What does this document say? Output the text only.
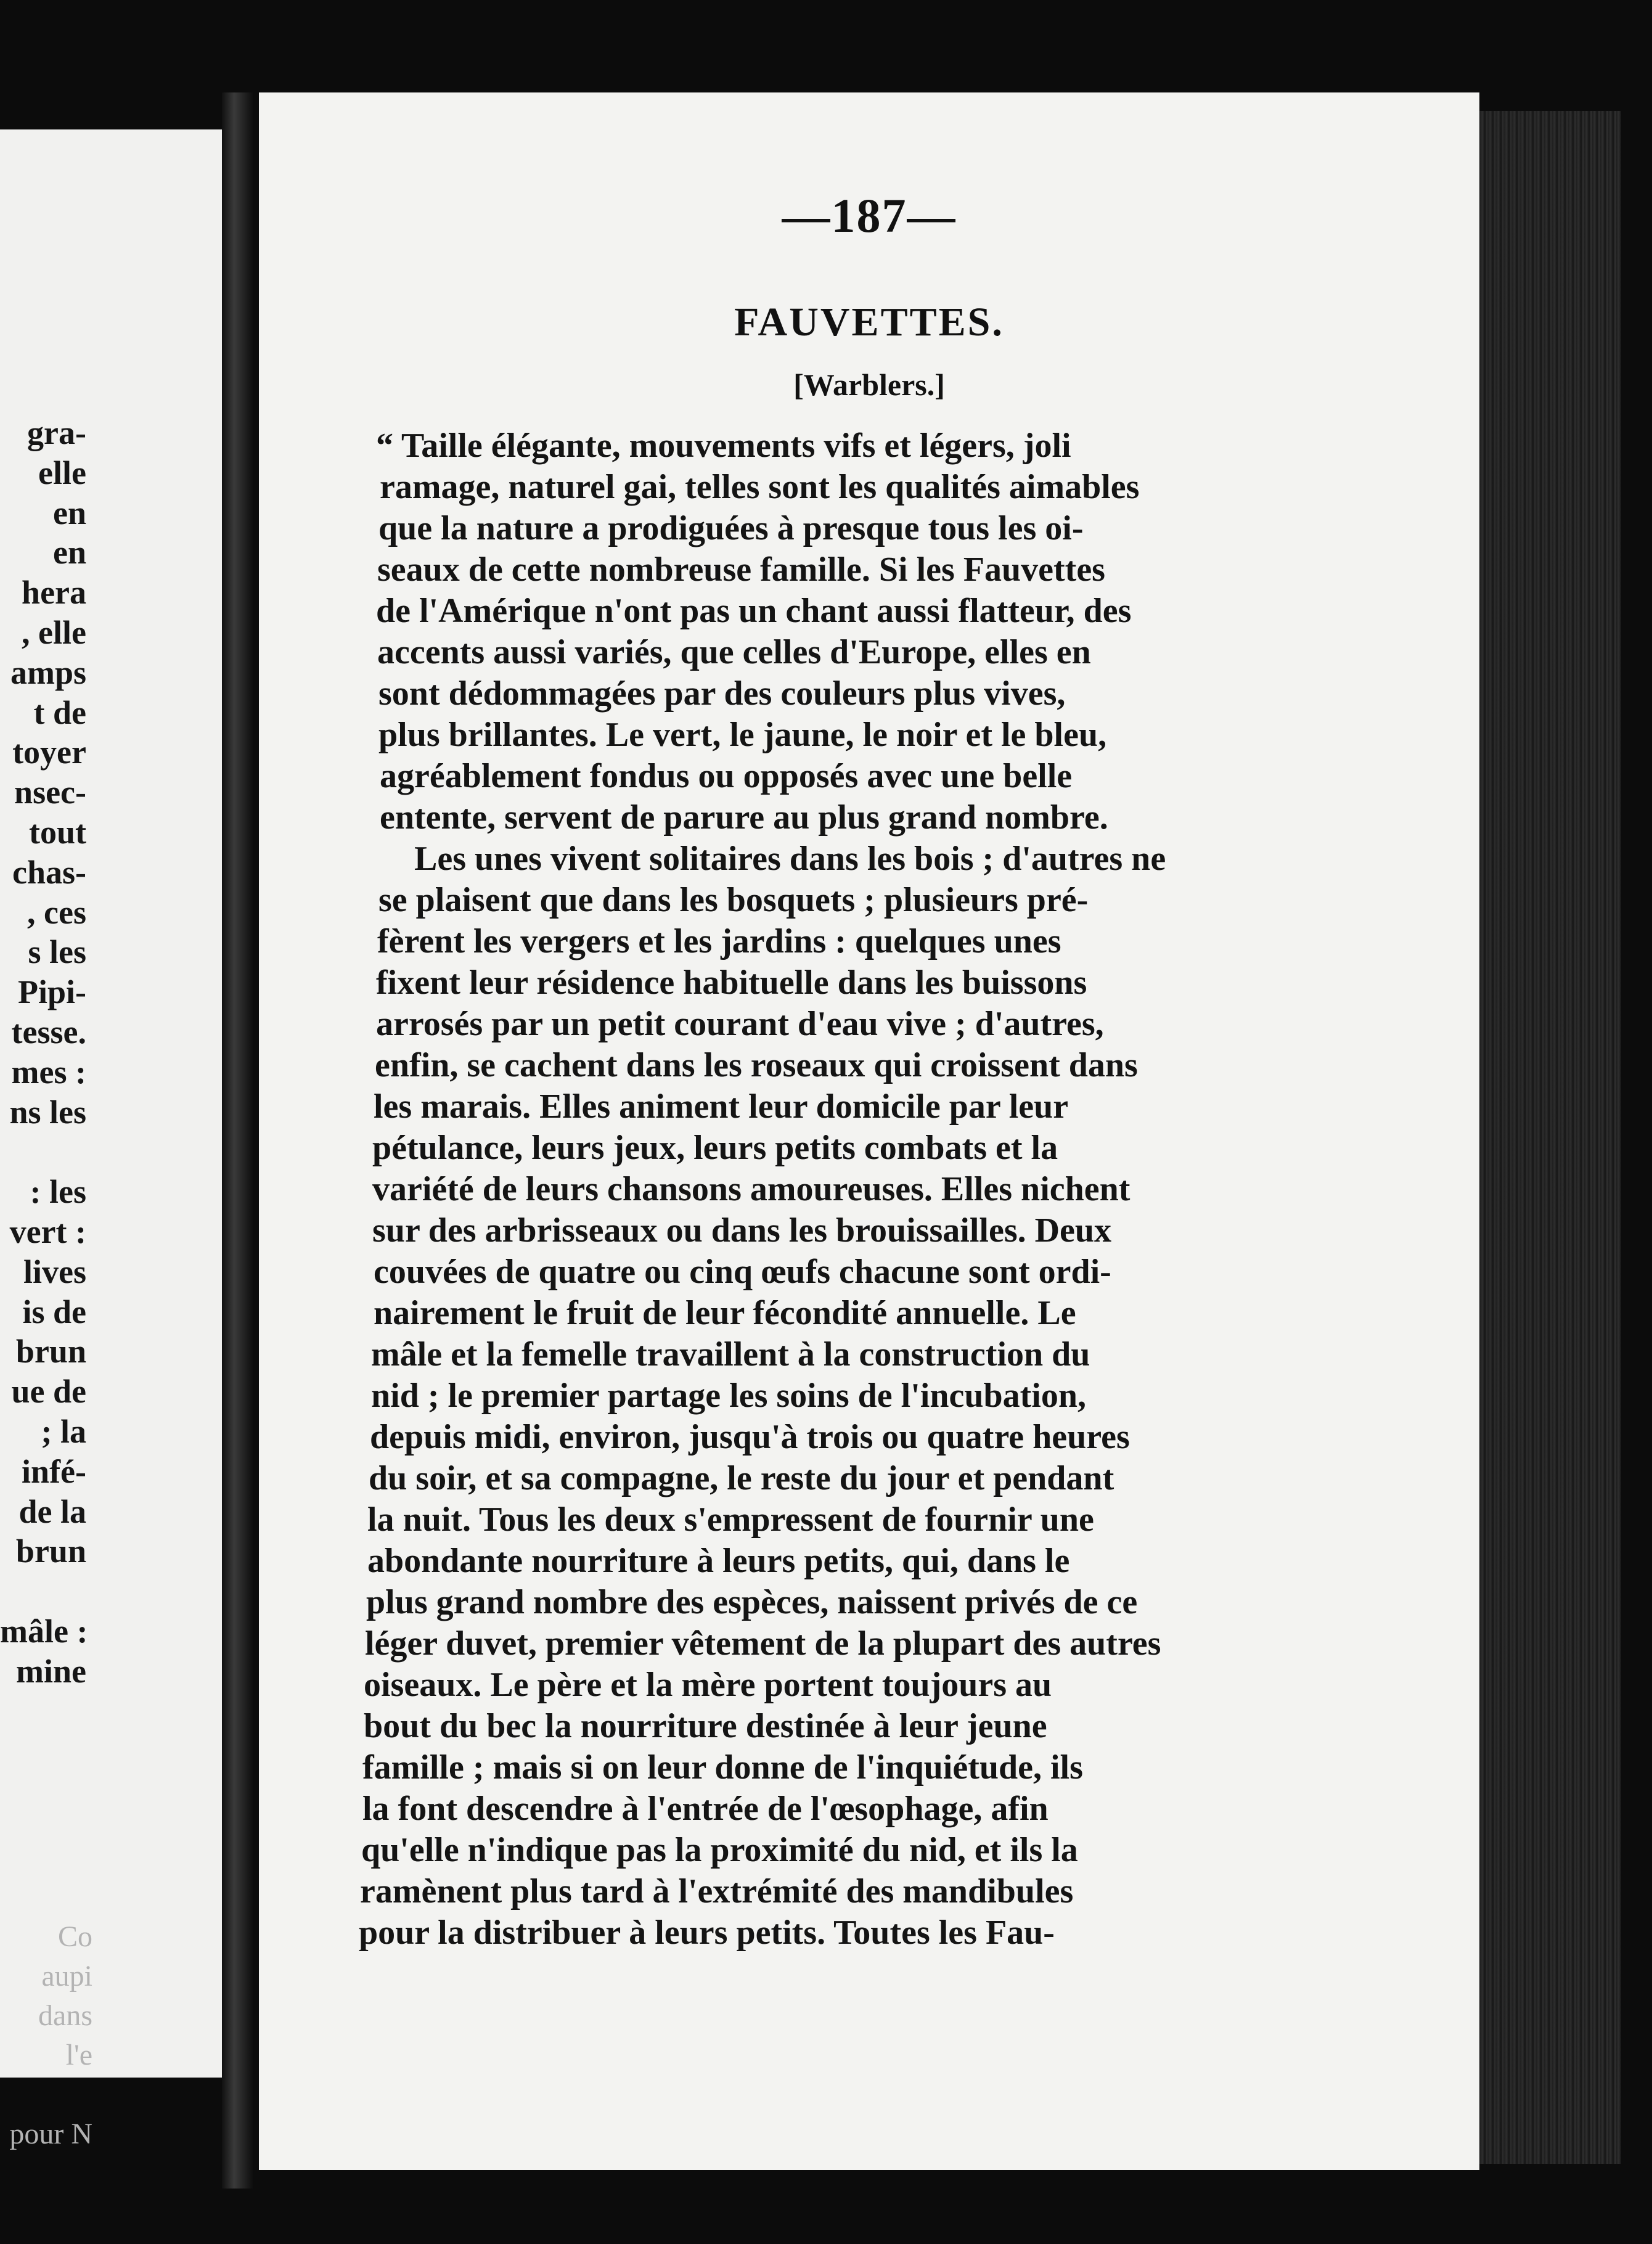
gra-
elle
en
en
hera
, elle
amps
t de
toyer
nsec-
tout
chas-
, ces
s les
Pipi-
tesse.
mes :
ns les
: les
vert :
lives
is de
brun
ue de
; la
infé-
de la
brun
mâle :
mine
Co
aupi
dans
l'e
pour N
—187—
FAUVETTES.
[Warblers.]
“ Taille élégante, mouvements vifs et légers, joli
ramage, naturel gai, telles sont les qualités aimables
que la nature a prodiguées à presque tous les oi-
seaux de cette nombreuse famille. Si les Fauvettes
de l'Amérique n'ont pas un chant aussi flatteur, des
accents aussi variés, que celles d'Europe, elles en
sont dédommagées par des couleurs plus vives,
plus brillantes. Le vert, le jaune, le noir et le bleu,
agréablement fondus ou opposés avec une belle
entente, servent de parure au plus grand nombre.
Les unes vivent solitaires dans les bois ; d'autres ne
se plaisent que dans les bosquets ; plusieurs pré-
fèrent les vergers et les jardins : quelques unes
fixent leur résidence habituelle dans les buissons
arrosés par un petit courant d'eau vive ; d'autres,
enfin, se cachent dans les roseaux qui croissent dans
les marais. Elles animent leur domicile par leur
pétulance, leurs jeux, leurs petits combats et la
variété de leurs chansons amoureuses. Elles nichent
sur des arbrisseaux ou dans les brouissailles. Deux
couvées de quatre ou cinq œufs chacune sont ordi-
nairement le fruit de leur fécondité annuelle. Le
mâle et la femelle travaillent à la construction du
nid ; le premier partage les soins de l'incubation,
depuis midi, environ, jusqu'à trois ou quatre heures
du soir, et sa compagne, le reste du jour et pendant
la nuit. Tous les deux s'empressent de fournir une
abondante nourriture à leurs petits, qui, dans le
plus grand nombre des espèces, naissent privés de ce
léger duvet, premier vêtement de la plupart des autres
oiseaux. Le père et la mère portent toujours au
bout du bec la nourriture destinée à leur jeune
famille ; mais si on leur donne de l'inquiétude, ils
la font descendre à l'entrée de l'œsophage, afin
qu'elle n'indique pas la proximité du nid, et ils la
ramènent plus tard à l'extrémité des mandibules
pour la distribuer à leurs petits. Toutes les Fau-
